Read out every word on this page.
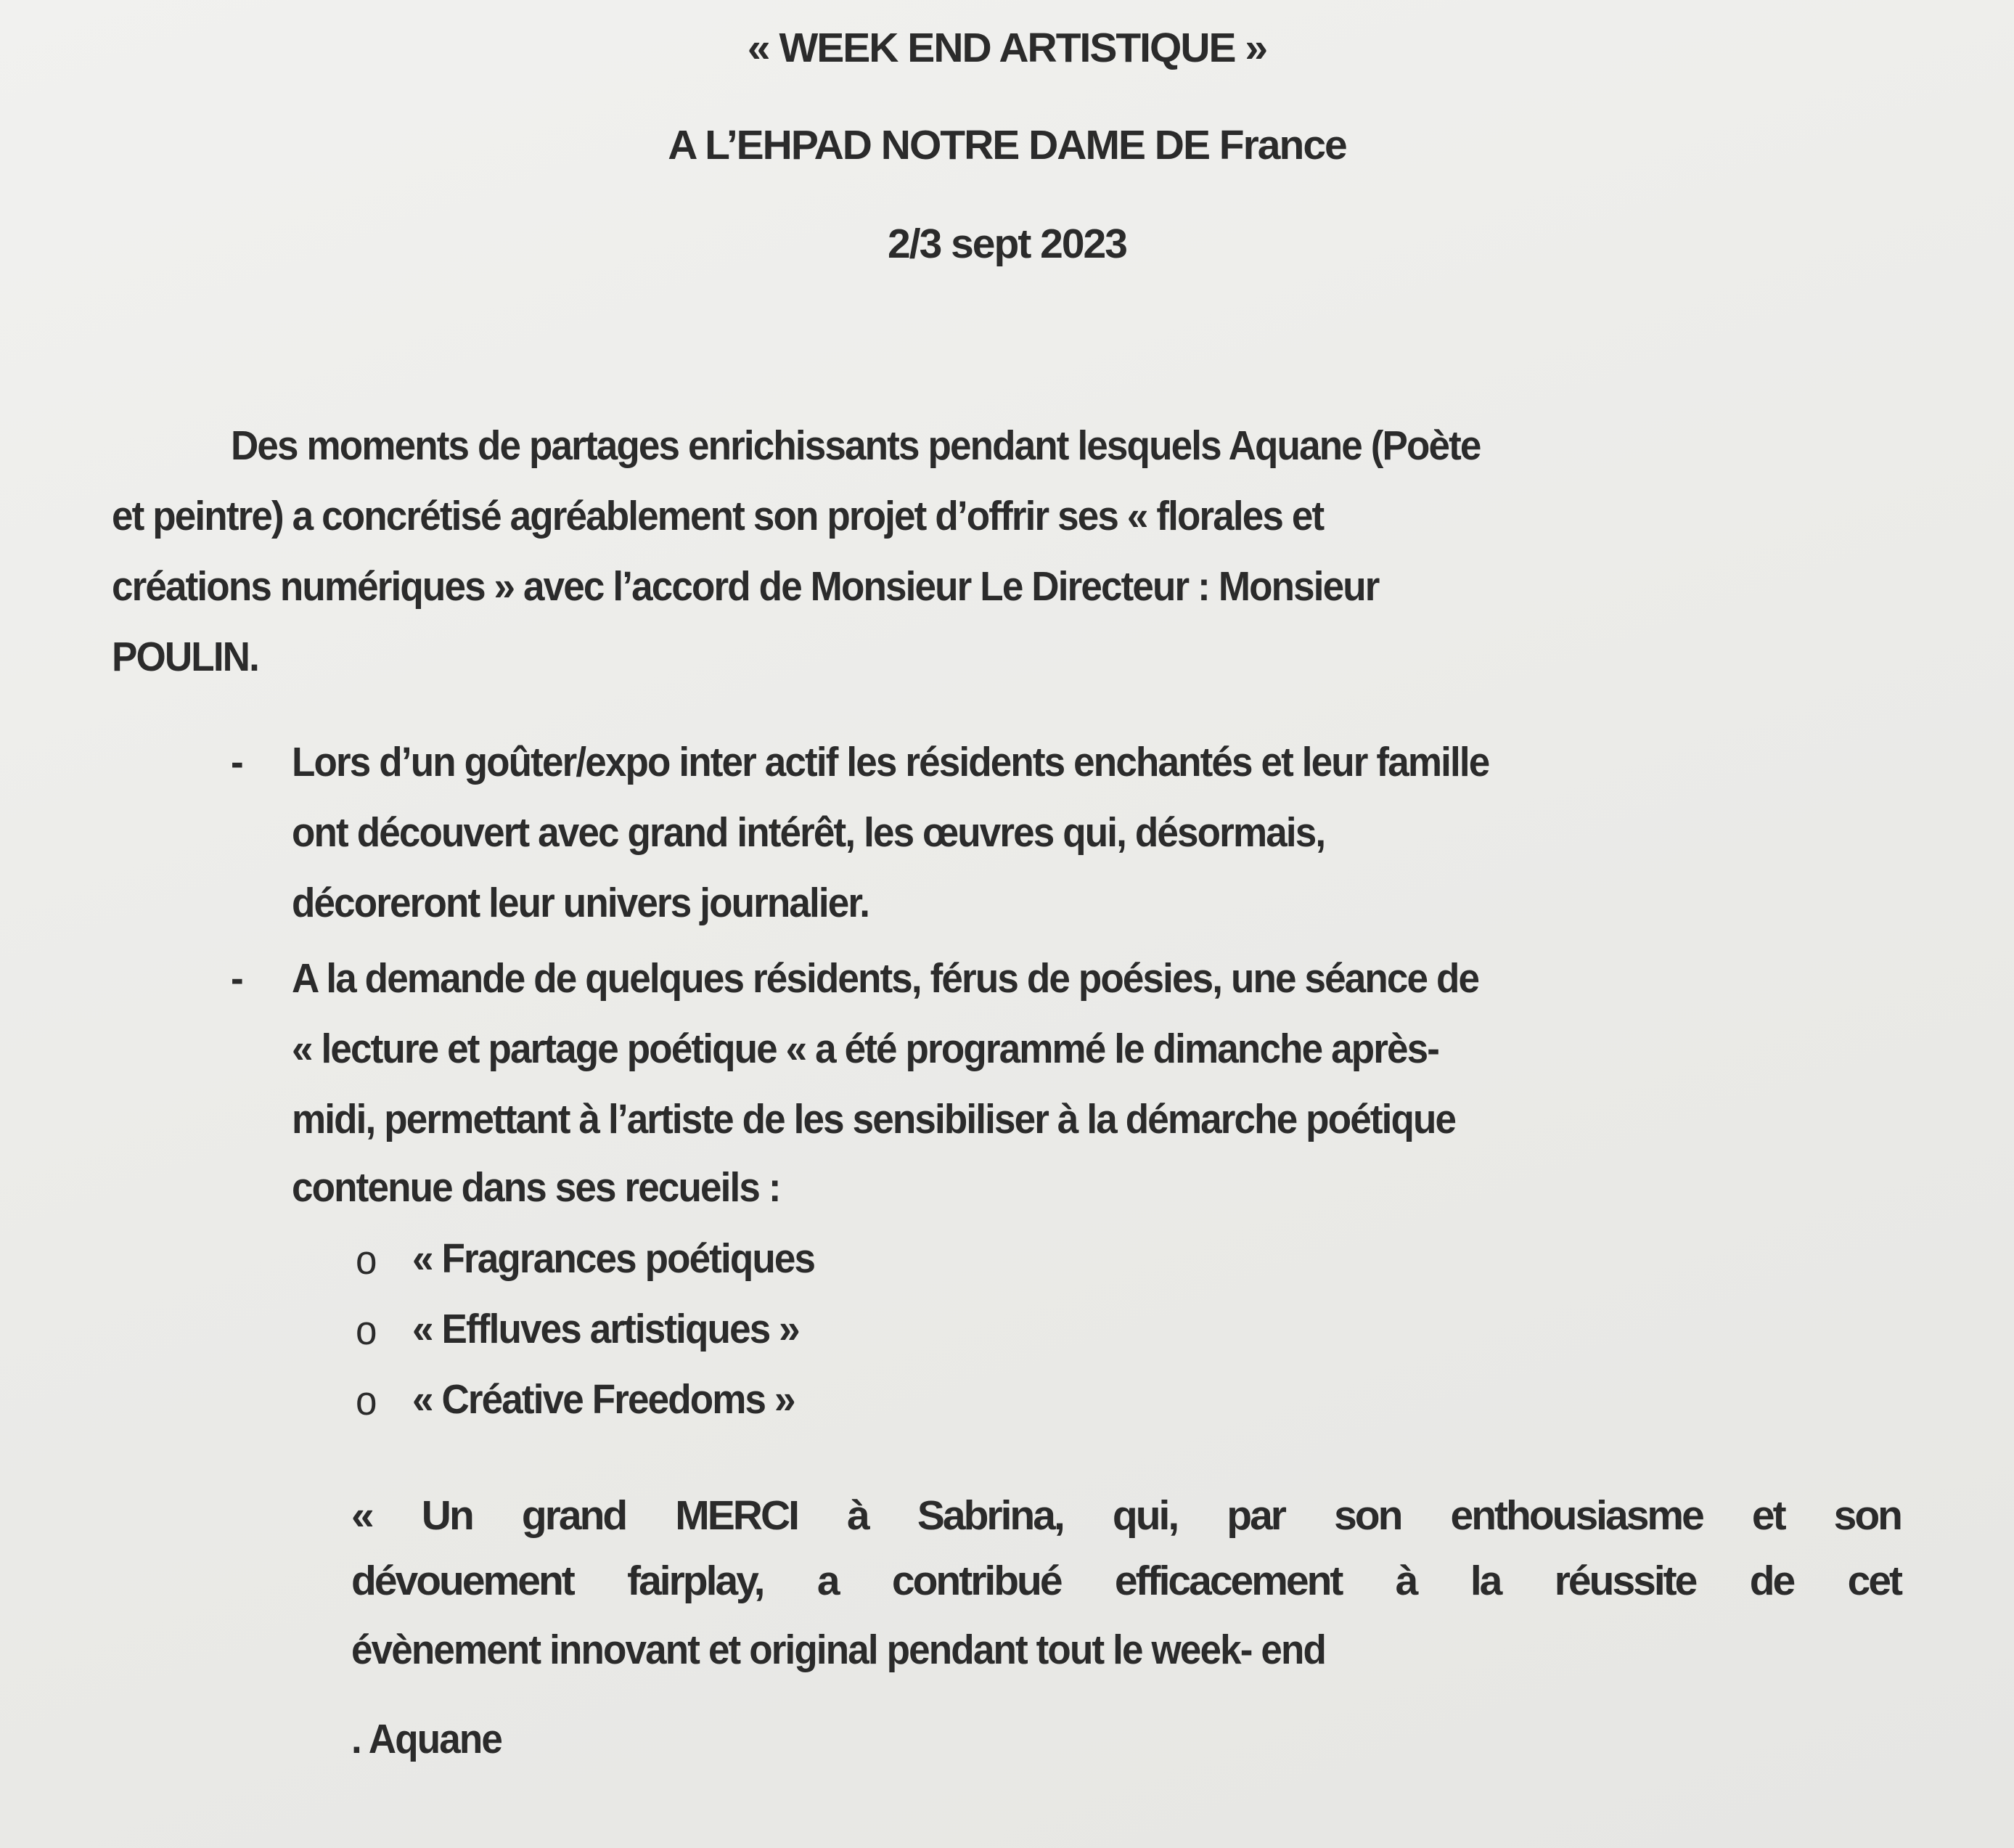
« WEEK END ARTISTIQUE »
A L’EHPAD NOTRE DAME DE France
2/3 sept 2023
Des moments de partages enrichissants pendant lesquels Aquane (Poète
et peintre) a concrétisé agréablement son projet d’offrir ses « florales et
créations numériques » avec l’accord de Monsieur Le Directeur : Monsieur
POULIN.
- Lors d’un goûter/expo inter actif les résidents enchantés et leur famille
ont découvert avec grand intérêt, les œuvres qui, désormais,
décoreront leur univers journalier.
- A la demande de quelques résidents, férus de poésies, une séance de
« lecture et partage poétique « a été programmé le dimanche après-
midi, permettant à l’artiste de les sensibiliser à la démarche poétique
contenue dans ses recueils :
o « Fragrances poétiques
o « Effluves artistiques »
o « Créative Freedoms »
« Un grand MERCI à Sabrina, qui, par son enthousiasme et son
dévouement fairplay, a contribué efficacement à la réussite de cet
évènement innovant et original pendant tout le week- end
. Aquane
